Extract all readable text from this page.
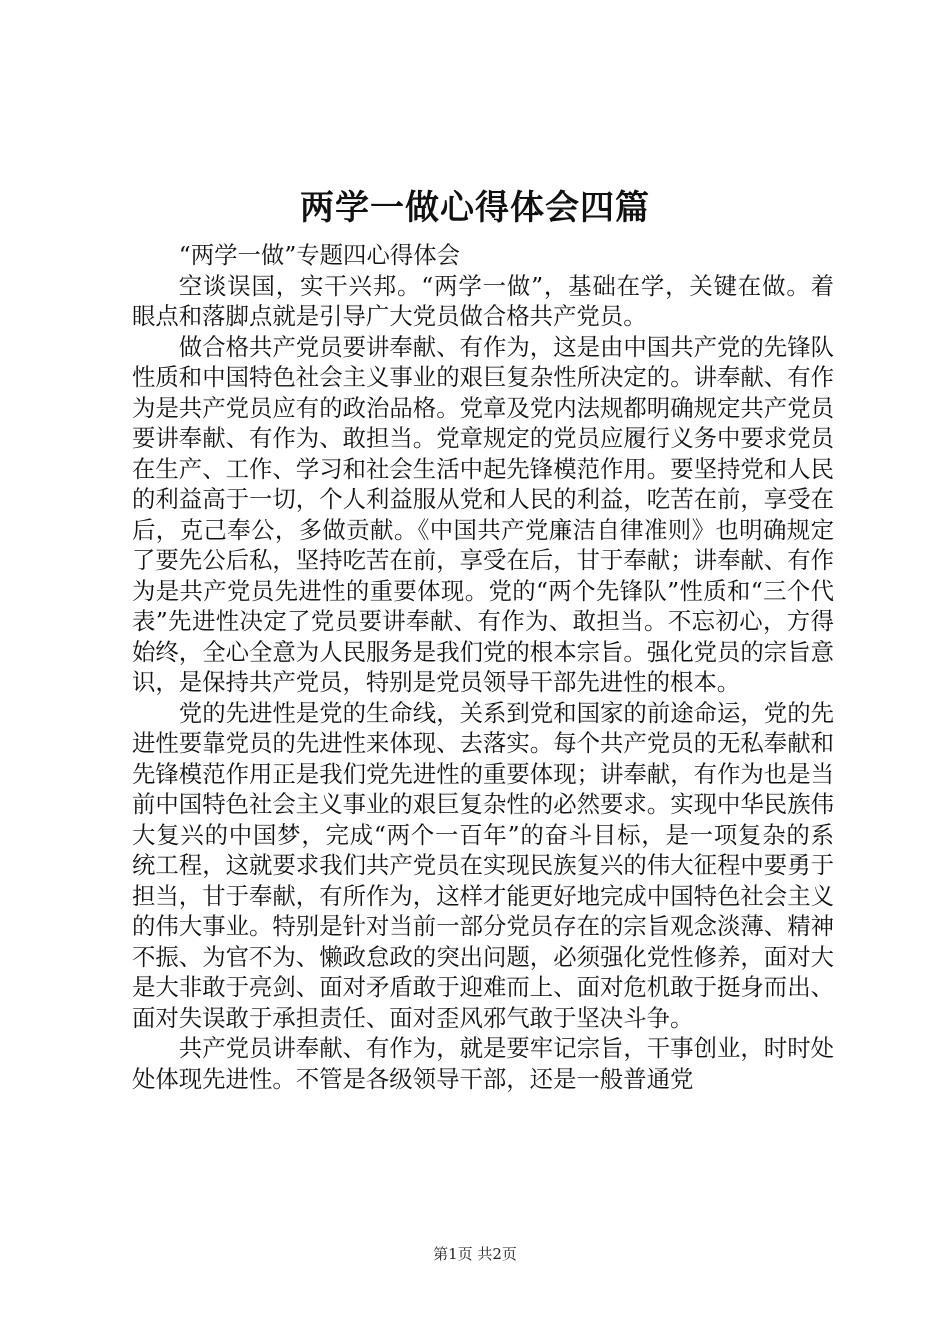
两学一做心得体会四篇

“两学一做”专题四心得体会

空谈误国，实干兴邦。“两学一做”，基础在学，关键在做。着眼点和落脚点就是引导广大党员做合格共产党员。

做合格共产党员要讲奉献、有作为，这是由中国共产党的先锋队性质和中国特色社会主义事业的艰巨复杂性所决定的。讲奉献、有作为是共产党员应有的政治品格。党章及党内法规都明确规定共产党员要讲奉献、有作为、敢担当。党章规定的党员应履行义务中要求党员在生产、工作、学习和社会生活中起先锋模范作用。要坚持党和人民的利益高于一切，个人利益服从党和人民的利益，吃苦在前，享受在后，克己奉公，多做贡献。《中国共产党廉洁自律准则》也明确规定了要先公后私，坚持吃苦在前，享受在后，甘于奉献；讲奉献、有作为是共产党员先进性的重要体现。党的“两个先锋队”性质和“三个代表”先进性决定了党员要讲奉献、有作为、敢担当。不忘初心，方得始终，全心全意为人民服务是我们党的根本宗旨。强化党员的宗旨意识，是保持共产党员，特别是党员领导干部先进性的根本。

党的先进性是党的生命线，关系到党和国家的前途命运，党的先进性要靠党员的先进性来体现、去落实。每个共产党员的无私奉献和先锋模范作用正是我们党先进性的重要体现；讲奉献，有作为也是当前中国特色社会主义事业的艰巨复杂性的必然要求。实现中华民族伟大复兴的中国梦，完成“两个一百年”的奋斗目标，是一项复杂的系统工程，这就要求我们共产党员在实现民族复兴的伟大征程中要勇于担当，甘于奉献，有所作为，这样才能更好地完成中国特色社会主义的伟大事业。特别是针对当前一部分党员存在的宗旨观念淡薄、精神不振、为官不为、懒政怠政的突出问题，必须强化党性修养，面对大是大非敢于亮剑、面对矛盾敢于迎难而上、面对危机敢于挺身而出、面对失误敢于承担责任、面对歪风邪气敢于坚决斗争。

共产党员讲奉献、有作为，就是要牢记宗旨，干事创业，时时处处体现先进性。不管是各级领导干部，还是一般普通党

第1页 共2页
